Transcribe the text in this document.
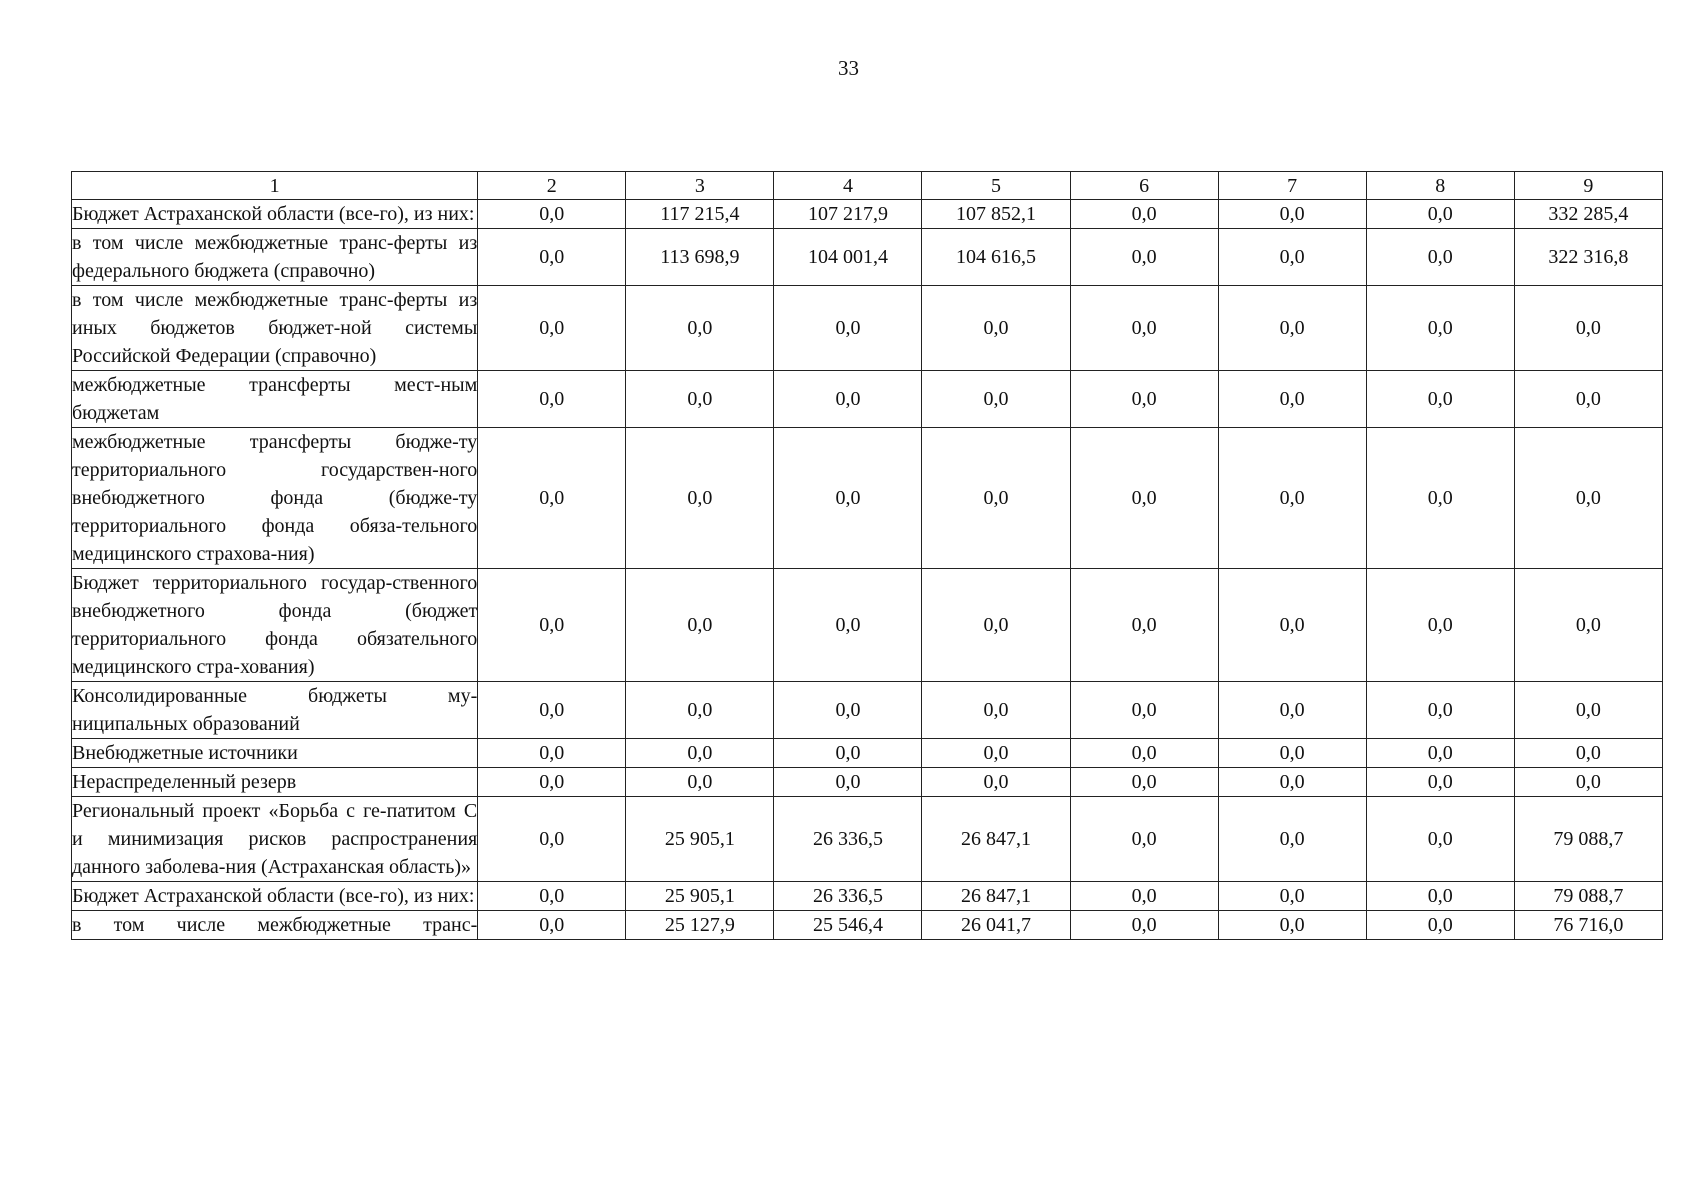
33
1	2	3	4	5	6	7	8	9
Бюджет Астраханской области (все-го), из них:	0,0	117 215,4	107 217,9	107 852,1	0,0	0,0	0,0	332 285,4
в том числе межбюджетные транс-ферты из федерального бюджета (справочно)	0,0	113 698,9	104 001,4	104 616,5	0,0	0,0	0,0	322 316,8
в том числе межбюджетные транс-ферты из иных бюджетов бюджет-ной системы Российской Федерации (справочно)	0,0	0,0	0,0	0,0	0,0	0,0	0,0	0,0
межбюджетные трансферты мест-ным бюджетам	0,0	0,0	0,0	0,0	0,0	0,0	0,0	0,0
межбюджетные трансферты бюдже-ту территориального государствен-ного внебюджетного фонда (бюдже-ту территориального фонда обяза-тельного медицинского страхова-ния)	0,0	0,0	0,0	0,0	0,0	0,0	0,0	0,0
Бюджет территориального государ-ственного внебюджетного фонда (бюджет территориального фонда обязательного медицинского стра-хования)	0,0	0,0	0,0	0,0	0,0	0,0	0,0	0,0
Консолидированные бюджеты му-ниципальных образований	0,0	0,0	0,0	0,0	0,0	0,0	0,0	0,0
Внебюджетные источники	0,0	0,0	0,0	0,0	0,0	0,0	0,0	0,0
Нераспределенный резерв	0,0	0,0	0,0	0,0	0,0	0,0	0,0	0,0
Региональный проект «Борьба с ге-патитом С и минимизация рисков распространения данного заболева-ния (Астраханская область)»	0,0	25 905,1	26 336,5	26 847,1	0,0	0,0	0,0	79 088,7
Бюджет Астраханской области (все-го), из них:	0,0	25 905,1	26 336,5	26 847,1	0,0	0,0	0,0	79 088,7
в том числе межбюджетные транс-	0,0	25 127,9	25 546,4	26 041,7	0,0	0,0	0,0	76 716,0
